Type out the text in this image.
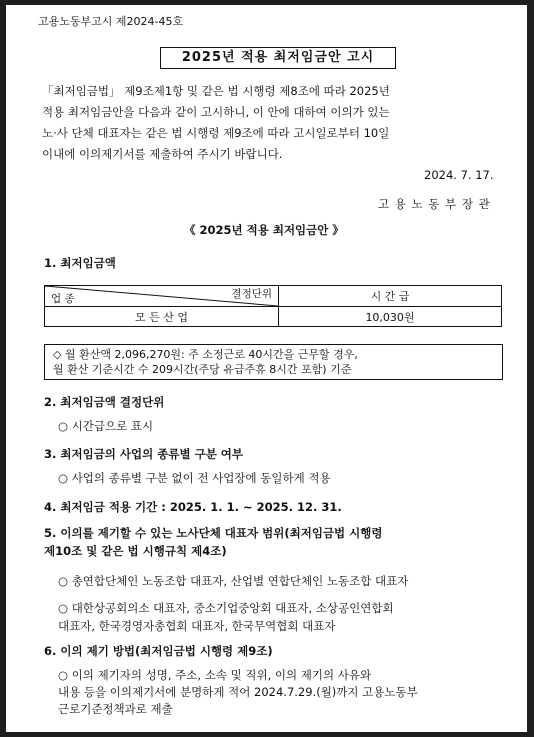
고용노동부고시 제2024-45호
2025년 적용 최저임금안 고시
「최저임금법」 제9조제1항 및 같은 법 시행령 제8조에 따라 2025년
적용 최저임금안을 다음과 같이 고시하니, 이 안에 대하여 이의가 있는
노·사 단체 대표자는 같은 법 시행령 제9조에 따라 고시일로부터 10일
이내에 이의제기서를 제출하여 주시기 바랍니다.
2024. 7. 17.
고 용 노 동 부 장 관
《 2025년 적용 최저임금안 》
1. 최저임금액
결정단위
업 종	시 간 급
모 든 산 업	10,030원
◇ 월 환산액 2,096,270원: 주 소정근로 40시간을 근무할 경우,
월 환산 기준시간 수 209시간(주당 유급주휴 8시간 포함) 기준
2. 최저임금액 결정단위
○ 시간급으로 표시
3. 최저임금의 사업의 종류별 구분 여부
○ 사업의 종류별 구분 없이 전 사업장에 동일하게 적용
4. 최저임금 적용 기간 : 2025. 1. 1. ~ 2025. 12. 31.
5. 이의를 제기할 수 있는 노사단체 대표자 범위(최저임금법 시행령
제10조 및 같은 법 시행규칙 제4조)
○ 총연합단체인 노동조합 대표자, 산업별 연합단체인 노동조합 대표자
○ 대한상공회의소 대표자, 중소기업중앙회 대표자, 소상공인연합회
대표자, 한국경영자총협회 대표자, 한국무역협회 대표자
6. 이의 제기 방법(최저임금법 시행령 제9조)
○ 이의 제기자의 성명, 주소, 소속 및 직위, 이의 제기의 사유와
내용 등을 이의제기서에 분명하게 적어 2024.7.29.(월)까지 고용노동부
근로기준정책과로 제출
